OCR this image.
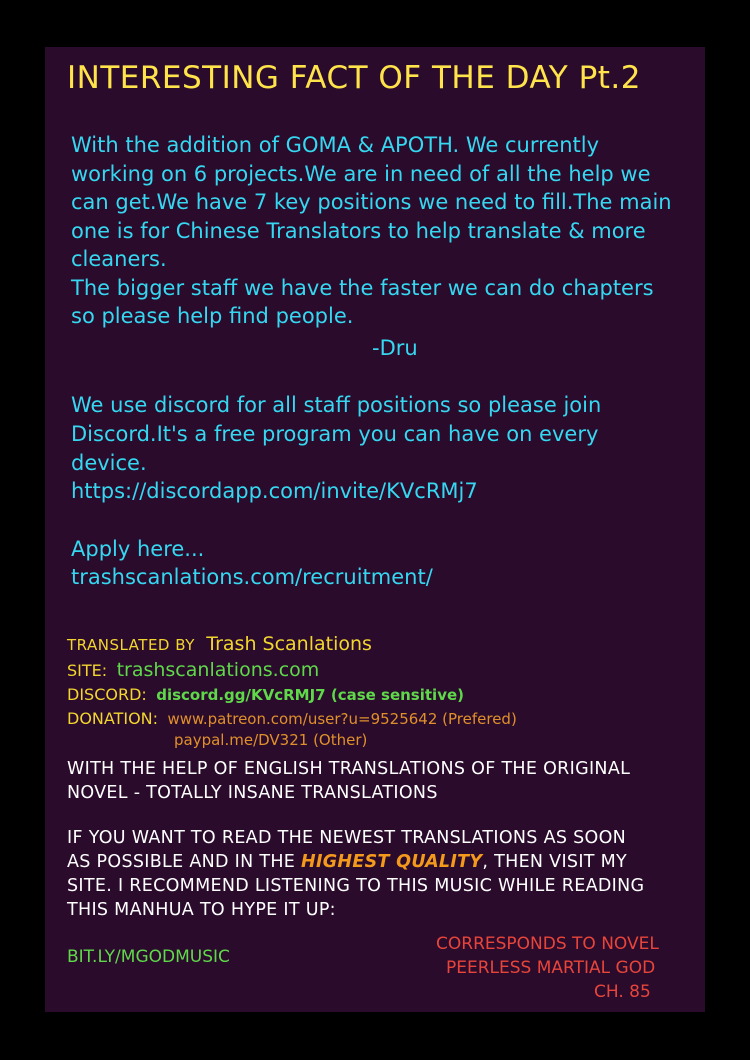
INTERESTING FACT OF THE DAY Pt.2
With the addition of GOMA & APOTH. We currently
working on 6 projects.We are in need of all the help we
can get.We have 7 key positions we need to fill.The main
one is for Chinese Translators to help translate & more
cleaners.
The bigger staff we have the faster we can do chapters
so please help find people.
-Dru
We use discord for all staff positions so please join
Discord.It's a free program you can have on every
device.
https://discordapp.com/invite/KVcRMj7
Apply here...
trashscanlations.com/recruitment/
TRANSLATED BY Trash Scanlations
SITE: trashscanlations.com
DISCORD: discord.gg/KVcRMJ7 (case sensitive)
DONATION: www.patreon.com/user?u=9525642 (Prefered)
paypal.me/DV321 (Other)
WITH THE HELP OF ENGLISH TRANSLATIONS OF THE ORIGINAL
NOVEL - TOTALLY INSANE TRANSLATIONS
IF YOU WANT TO READ THE NEWEST TRANSLATIONS AS SOON
AS POSSIBLE AND IN THE HIGHEST QUALITY, THEN VISIT MY
SITE. I RECOMMEND LISTENING TO THIS MUSIC WHILE READING
THIS MANHUA TO HYPE IT UP:
BIT.LY/MGODMUSIC
CORRESPONDS TO NOVEL
PEERLESS MARTIAL GOD
CH. 85
